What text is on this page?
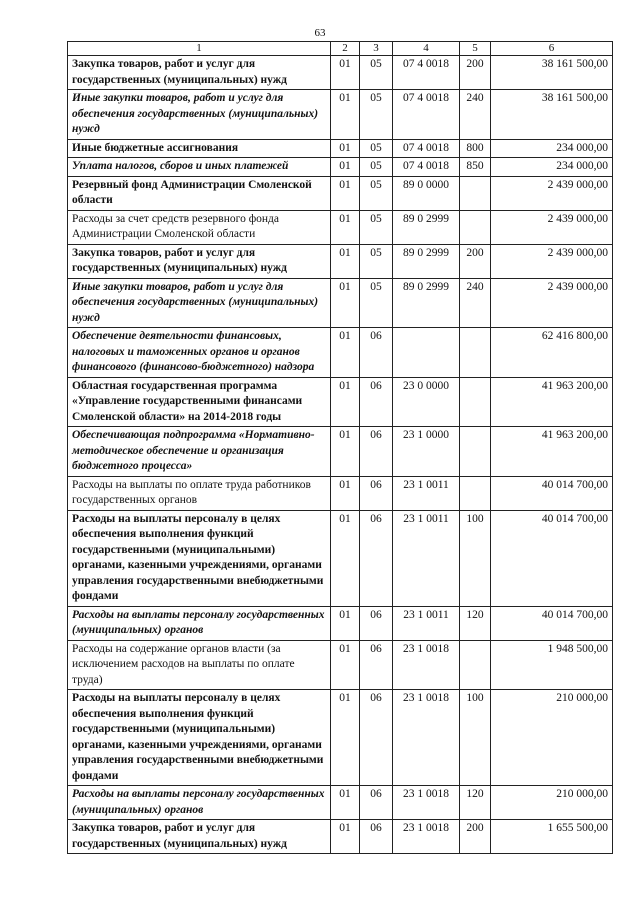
63
1	2	3	4	5	6
Закупка товаров, работ и услуг для государственных (муниципальных) нужд	01	05	07 4 0018	200	38 161 500,00
Иные закупки товаров, работ и услуг для обеспечения государственных (муниципальных) нужд	01	05	07 4 0018	240	38 161 500,00
Иные бюджетные ассигнования	01	05	07 4 0018	800	234 000,00
Уплата налогов, сборов и иных платежей	01	05	07 4 0018	850	234 000,00
Резервный фонд Администрации Смоленской области	01	05	89 0 0000		2 439 000,00
Расходы за счет средств резервного фонда Администрации Смоленской области	01	05	89 0 2999		2 439 000,00
Закупка товаров, работ и услуг для государственных (муниципальных) нужд	01	05	89 0 2999	200	2 439 000,00
Иные закупки товаров, работ и услуг для обеспечения государственных (муниципальных) нужд	01	05	89 0 2999	240	2 439 000,00
Обеспечение деятельности финансовых, налоговых и таможенных органов и органов финансового (финансово-бюджетного) надзора	01	06			62 416 800,00
Областная государственная программа «Управление государственными финансами Смоленской области» на 2014-2018 годы	01	06	23 0 0000		41 963 200,00
Обеспечивающая подпрограмма «Нормативно-методическое обеспечение и организация бюджетного процесса»	01	06	23 1 0000		41 963 200,00
Расходы на выплаты по оплате труда работников государственных органов	01	06	23 1 0011		40 014 700,00
Расходы на выплаты персоналу в целях обеспечения выполнения функций государственными (муниципальными) органами, казенными учреждениями, органами управления государственными внебюджетными фондами	01	06	23 1 0011	100	40 014 700,00
Расходы на выплаты персоналу государственных (муниципальных) органов	01	06	23 1 0011	120	40 014 700,00
Расходы на содержание органов власти (за исключением расходов на выплаты по оплате труда)	01	06	23 1 0018		1 948 500,00
Расходы на выплаты персоналу в целях обеспечения выполнения функций государственными (муниципальными) органами, казенными учреждениями, органами управления государственными внебюджетными фондами	01	06	23 1 0018	100	210 000,00
Расходы на выплаты персоналу государственных (муниципальных) органов	01	06	23 1 0018	120	210 000,00
Закупка товаров, работ и услуг для государственных (муниципальных) нужд	01	06	23 1 0018	200	1 655 500,00
